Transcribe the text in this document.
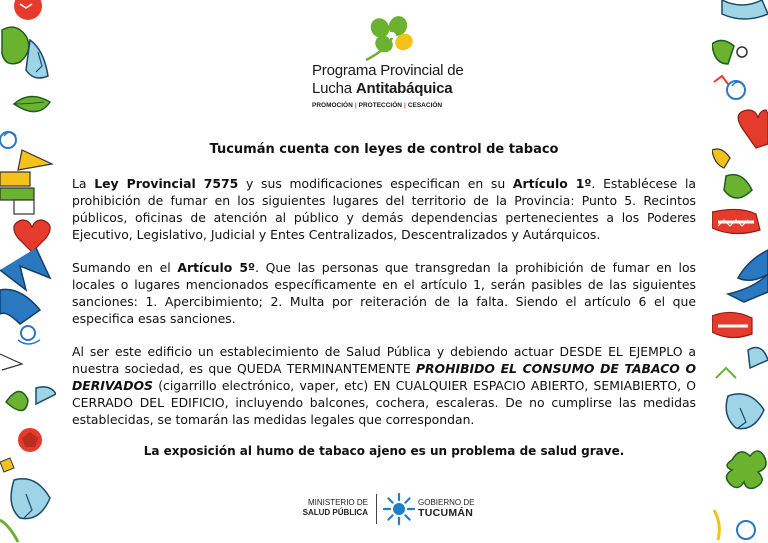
Programa Provincial de
Lucha Antitabáquica
PROMOCIÓN | PROTECCIÓN | CESACIÓN
Tucumán cuenta con leyes de control de tabaco
La Ley Provincial 7575 y sus modificaciones especifican en su Artículo 1º. Establécese la prohibición de fumar en los siguientes lugares del territorio de la Provincia: Punto 5. Recintos públicos, oficinas de atención al público y demás dependencias pertenecientes a los Poderes Ejecutivo, Legislativo, Judicial y Entes Centralizados, Descentralizados y Autárquicos.
Sumando en el Artículo 5º. Que las personas que transgredan la prohibición de fumar en los locales o lugares mencionados específicamente en el artículo 1, serán pasibles de las siguientes sanciones: 1. Apercibimiento; 2. Multa por reiteración de la falta. Siendo el artículo 6 el que especifica esas sanciones.
Al ser este edificio un establecimiento de Salud Pública y debiendo actuar DESDE EL EJEMPLO a nuestra sociedad, es que QUEDA TERMINANTEMENTE PROHIBIDO EL CONSUMO DE TABACO O DERIVADOS (cigarrillo electrónico, vaper, etc) EN CUALQUIER ESPACIO ABIERTO, SEMIABIERTO, O CERRADO DEL EDIFICIO, incluyendo balcones, cochera, escaleras. De no cumplirse las medidas establecidas, se tomarán las medidas legales que correspondan.
La exposición al humo de tabaco ajeno es un problema de salud grave.
MINISTERIO DE
SALUD PÚBLICA
GOBIERNO DE
TUCUMÁN
